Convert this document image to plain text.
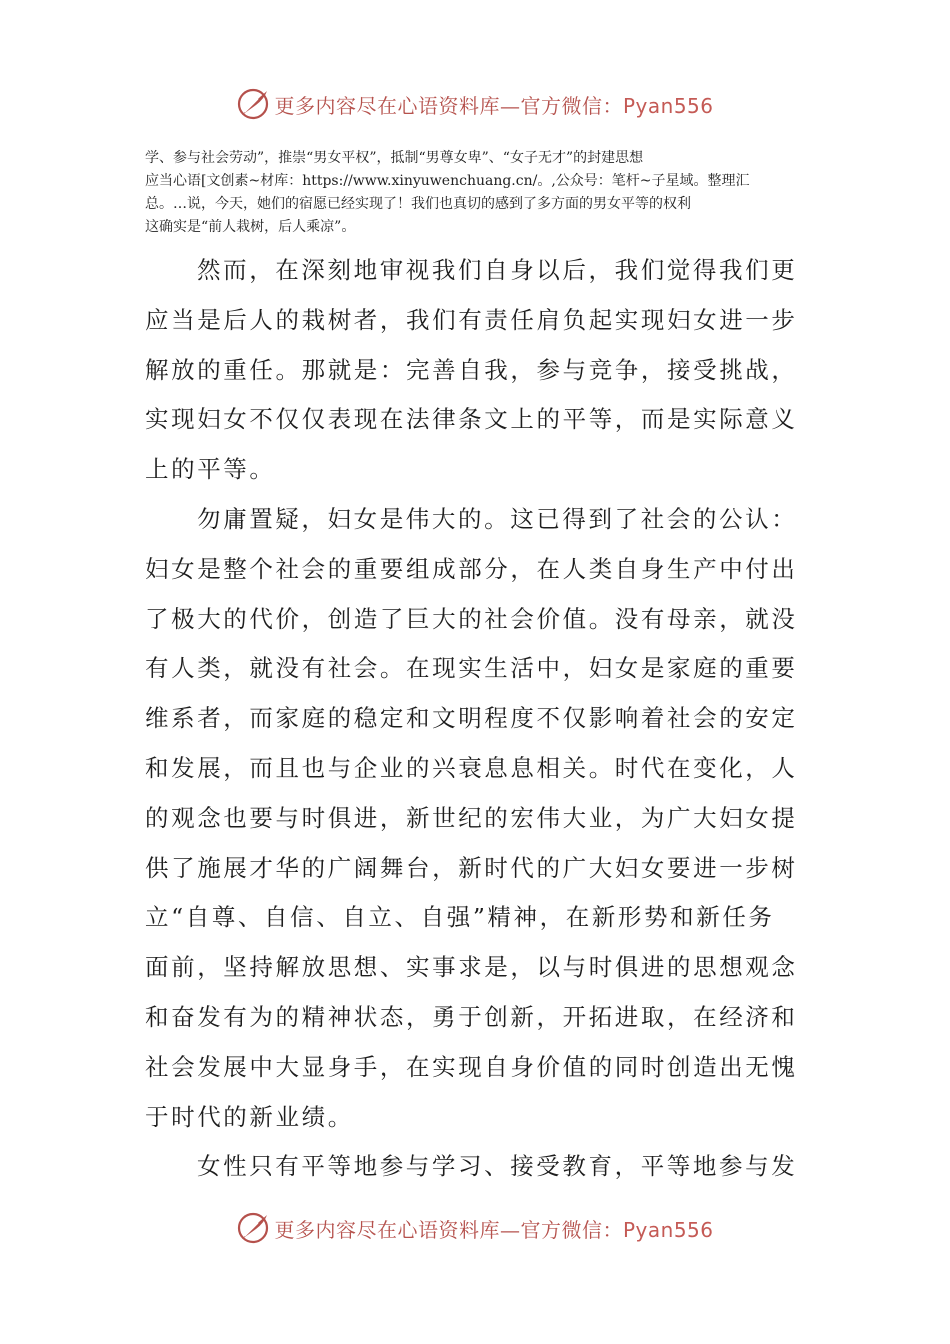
更多内容尽在心语资料库—官方微信：Pyan556

学、参与社会劳动”，推崇“男女平权”，抵制“男尊女卑”、“女子无才”的封建思想

应当心语[文创素~材库：https://www.xinyuwenchuang.cn/。,公众号：笔杆~子星域。整理汇

总。…说，今天，她们的宿愿已经实现了！我们也真切的感到了多方面的男女平等的权利

这确实是“前人栽树，后人乘凉”。

然而，在深刻地审视我们自身以后，我们觉得我们更
应当是后人的栽树者，我们有责任肩负起实现妇女进一步
解放的重任。那就是：完善自我，参与竞争，接受挑战，
实现妇女不仅仅表现在法律条文上的平等，而是实际意义
上的平等。

勿庸置疑，妇女是伟大的。这已得到了社会的公认：
妇女是整个社会的重要组成部分，在人类自身生产中付出
了极大的代价，创造了巨大的社会价值。没有母亲，就没
有人类，就没有社会。在现实生活中，妇女是家庭的重要
维系者，而家庭的稳定和文明程度不仅影响着社会的安定
和发展，而且也与企业的兴衰息息相关。时代在变化，人
的观念也要与时俱进，新世纪的宏伟大业，为广大妇女提
供了施展才华的广阔舞台，新时代的广大妇女要进一步树
立“自尊、自信、自立、自强”精神，在新形势和新任务
面前，坚持解放思想、实事求是，以与时俱进的思想观念
和奋发有为的精神状态，勇于创新，开拓进取，在经济和
社会发展中大显身手，在实现自身价值的同时创造出无愧
于时代的新业绩。

女性只有平等地参与学习、接受教育，平等地参与发

更多内容尽在心语资料库—官方微信：Pyan556
